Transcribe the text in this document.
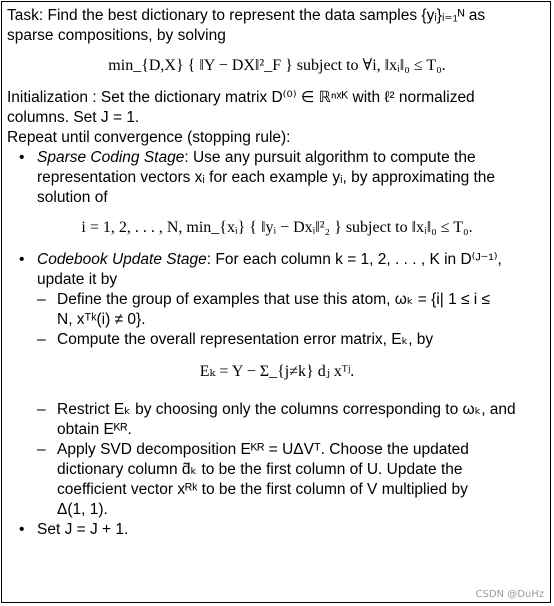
Task: Find the best dictionary to represent the data samples {yᵢ}ᵢ₌₁ᴺ as
sparse compositions, by solving
min_{D,X} { ‖Y − DX‖²_F } subject to ∀i, ‖xᵢ‖₀ ≤ T₀.
Initialization : Set the dictionary matrix D⁽⁰⁾ ∈ ℝⁿˣᴷ with ℓ² normalized
columns. Set J = 1.
Repeat until convergence (stopping rule):
• Sparse Coding Stage: Use any pursuit algorithm to compute the
representation vectors xᵢ for each example yᵢ, by approximating the
solution of
i = 1, 2, . . . , N, min_{xᵢ} { ‖yᵢ − Dxᵢ‖²₂ } subject to ‖xᵢ‖₀ ≤ T₀.
• Codebook Update Stage: For each column k = 1, 2, . . . , K in D⁽ᴶ⁻¹⁾,
update it by
– Define the group of examples that use this atom, ωₖ = {i| 1 ≤ i ≤
N, xᵀᵏ(i) ≠ 0}.
– Compute the overall representation error matrix, Eₖ, by
Eₖ = Y − Σ_{j≠k} dⱼ xᵀʲ.
– Restrict Eₖ by choosing only the columns corresponding to ωₖ, and
obtain Eᴷᴿ.
– Apply SVD decomposition Eᴷᴿ = UΔVᵀ. Choose the updated
dictionary column d̃ₖ to be the first column of U. Update the
coefficient vector xᴿᵏ to be the first column of V multiplied by
Δ(1, 1).
• Set J = J + 1.
CSDN @DuHz
